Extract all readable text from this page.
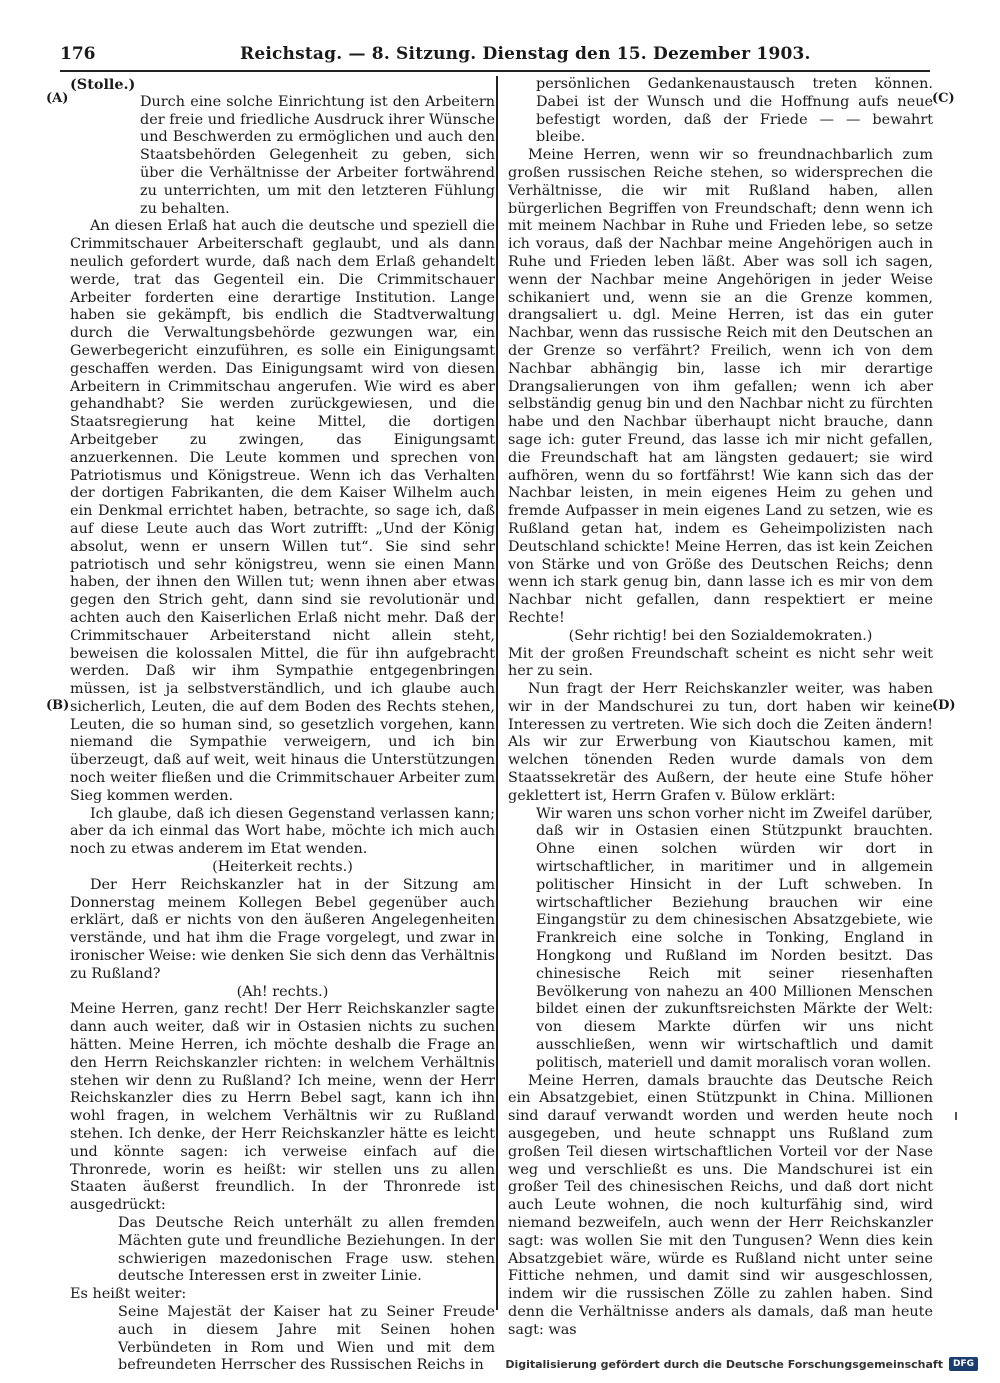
176	Reichstag. — 8. Sitzung. Dienstag den 15. Dezember 1903.
(A)
(B)
(C)
(D)

(Stolle.)

Durch eine solche Einrichtung ist den Arbeitern der freie und friedliche Ausdruck ihrer Wünsche und Beschwerden zu ermöglichen und auch den Staatsbehörden Gelegenheit zu geben, sich über die Verhältnisse der Arbeiter fortwährend zu unterrichten, um mit den letzteren Fühlung zu behalten.

An diesen Erlaß hat auch die deutsche und speziell die Crimmitschauer Arbeiterschaft geglaubt, und als dann neulich gefordert wurde, daß nach dem Erlaß gehandelt werde, trat das Gegenteil ein. Die Crimmitschauer Arbeiter forderten eine derartige Institution. Lange haben sie gekämpft, bis endlich die Stadtverwaltung durch die Verwaltungsbehörde gezwungen war, ein Gewerbegericht einzuführen, es solle ein Einigungsamt geschaffen werden. Das Einigungsamt wird von diesen Arbeitern in Crimmitschau angerufen. Wie wird es aber gehandhabt? Sie werden zurückgewiesen, und die Staatsregierung hat keine Mittel, die dortigen Arbeitgeber zu zwingen, das Einigungsamt anzuerkennen. Die Leute kommen und sprechen von Patriotismus und Königstreue. Wenn ich das Verhalten der dortigen Fabrikanten, die dem Kaiser Wilhelm auch ein Denkmal errichtet haben, betrachte, so sage ich, daß auf diese Leute auch das Wort zutrifft: „Und der König absolut, wenn er unsern Willen tut“. Sie sind sehr patriotisch und sehr königstreu, wenn sie einen Mann haben, der ihnen den Willen tut; wenn ihnen aber etwas gegen den Strich geht, dann sind sie revolutionär und achten auch den Kaiserlichen Erlaß nicht mehr. Daß der Crimmitschauer Arbeiterstand nicht allein steht, beweisen die kolossalen Mittel, die für ihn aufgebracht werden. Daß wir ihm Sympathie entgegenbringen müssen, ist ja selbstverständlich, und ich glaube auch sicherlich, Leuten, die auf dem Boden des Rechts stehen, Leuten, die so human sind, so gesetzlich vorgehen, kann niemand die Sympathie verweigern, und ich bin überzeugt, daß auf weit, weit hinaus die Unterstützungen noch weiter fließen und die Crimmitschauer Arbeiter zum Sieg kommen werden.

Ich glaube, daß ich diesen Gegenstand verlassen kann; aber da ich einmal das Wort habe, möchte ich mich auch noch zu etwas anderem im Etat wenden.

(Heiterkeit rechts.)

Der Herr Reichskanzler hat in der Sitzung am Donnerstag meinem Kollegen Bebel gegenüber auch erklärt, daß er nichts von den äußeren Angelegenheiten verstände, und hat ihm die Frage vorgelegt, und zwar in ironischer Weise: wie denken Sie sich denn das Verhältnis zu Rußland?

(Ah! rechts.)

Meine Herren, ganz recht! Der Herr Reichskanzler sagte dann auch weiter, daß wir in Ostasien nichts zu suchen hätten. Meine Herren, ich möchte deshalb die Frage an den Herrn Reichskanzler richten: in welchem Verhältnis stehen wir denn zu Rußland? Ich meine, wenn der Herr Reichskanzler dies zu Herrn Bebel sagt, kann ich ihn wohl fragen, in welchem Verhältnis wir zu Rußland stehen. Ich denke, der Herr Reichskanzler hätte es leicht und könnte sagen: ich verweise einfach auf die Thronrede, worin es heißt: wir stellen uns zu allen Staaten äußerst freundlich. In der Thronrede ist ausgedrückt:

Das Deutsche Reich unterhält zu allen fremden Mächten gute und freundliche Beziehungen. In der schwierigen mazedonischen Frage usw. stehen deutsche Interessen erst in zweiter Linie.

Es heißt weiter:

Seine Majestät der Kaiser hat zu Seiner Freude auch in diesem Jahre mit Seinen hohen Verbündeten in Rom und Wien und mit dem befreundeten Herrscher des Russischen Reichs in

persönlichen Gedankenaustausch treten können. Dabei ist der Wunsch und die Hoffnung aufs neue befestigt worden, daß der Friede — — bewahrt bleibe.

Meine Herren, wenn wir so freundnachbarlich zum großen russischen Reiche stehen, so widersprechen die Verhältnisse, die wir mit Rußland haben, allen bürgerlichen Begriffen von Freundschaft; denn wenn ich mit meinem Nachbar in Ruhe und Frieden lebe, so setze ich voraus, daß der Nachbar meine Angehörigen auch in Ruhe und Frieden leben läßt. Aber was soll ich sagen, wenn der Nachbar meine Angehörigen in jeder Weise schikaniert und, wenn sie an die Grenze kommen, drangsaliert u. dgl. Meine Herren, ist das ein guter Nachbar, wenn das russische Reich mit den Deutschen an der Grenze so verfährt? Freilich, wenn ich von dem Nachbar abhängig bin, lasse ich mir derartige Drangsalierungen von ihm gefallen; wenn ich aber selbständig genug bin und den Nachbar nicht zu fürchten habe und den Nachbar überhaupt nicht brauche, dann sage ich: guter Freund, das lasse ich mir nicht gefallen, die Freundschaft hat am längsten gedauert; sie wird aufhören, wenn du so fortfährst! Wie kann sich das der Nachbar leisten, in mein eigenes Heim zu gehen und fremde Aufpasser in mein eigenes Land zu setzen, wie es Rußland getan hat, indem es Geheimpolizisten nach Deutschland schickte! Meine Herren, das ist kein Zeichen von Stärke und von Größe des Deutschen Reichs; denn wenn ich stark genug bin, dann lasse ich es mir von dem Nachbar nicht gefallen, dann respektiert er meine Rechte!

(Sehr richtig! bei den Sozialdemokraten.)

Mit der großen Freundschaft scheint es nicht sehr weit her zu sein.

Nun fragt der Herr Reichskanzler weiter, was haben wir in der Mandschurei zu tun, dort haben wir keine Interessen zu vertreten. Wie sich doch die Zeiten ändern! Als wir zur Erwerbung von Kiautschou kamen, mit welchen tönenden Reden wurde damals von dem Staatssekretär des Außern, der heute eine Stufe höher geklettert ist, Herrn Grafen v. Bülow erklärt:

Wir waren uns schon vorher nicht im Zweifel darüber, daß wir in Ostasien einen Stützpunkt brauchten. Ohne einen solchen würden wir dort in wirtschaftlicher, in maritimer und in allgemein politischer Hinsicht in der Luft schweben. In wirtschaftlicher Beziehung brauchen wir eine Eingangstür zu dem chinesischen Absatzgebiete, wie Frankreich eine solche in Tonking, England in Hongkong und Rußland im Norden besitzt. Das chinesische Reich mit seiner riesenhaften Bevölkerung von nahezu an 400 Millionen Menschen bildet einen der zukunftsreichsten Märkte der Welt: von diesem Markte dürfen wir uns nicht ausschließen, wenn wir wirtschaftlich und damit politisch, materiell und damit moralisch voran wollen.

Meine Herren, damals brauchte das Deutsche Reich ein Absatzgebiet, einen Stützpunkt in China. Millionen sind darauf verwandt worden und werden heute noch ausgegeben, und heute schnappt uns Rußland zum großen Teil diesen wirtschaftlichen Vorteil vor der Nase weg und verschließt es uns. Die Mandschurei ist ein großer Teil des chinesischen Reichs, und daß dort nicht auch Leute wohnen, die noch kulturfähig sind, wird niemand bezweifeln, auch wenn der Herr Reichskanzler sagt: was wollen Sie mit den Tungusen? Wenn dies kein Absatzgebiet wäre, würde es Rußland nicht unter seine Fittiche nehmen, und damit sind wir ausgeschlossen, indem wir die russischen Zölle zu zahlen haben. Sind denn die Verhältnisse anders als damals, daß man heute sagt: was

Digitalisierung gefördert durch die Deutsche Forschungsgemeinschaft	DFG
